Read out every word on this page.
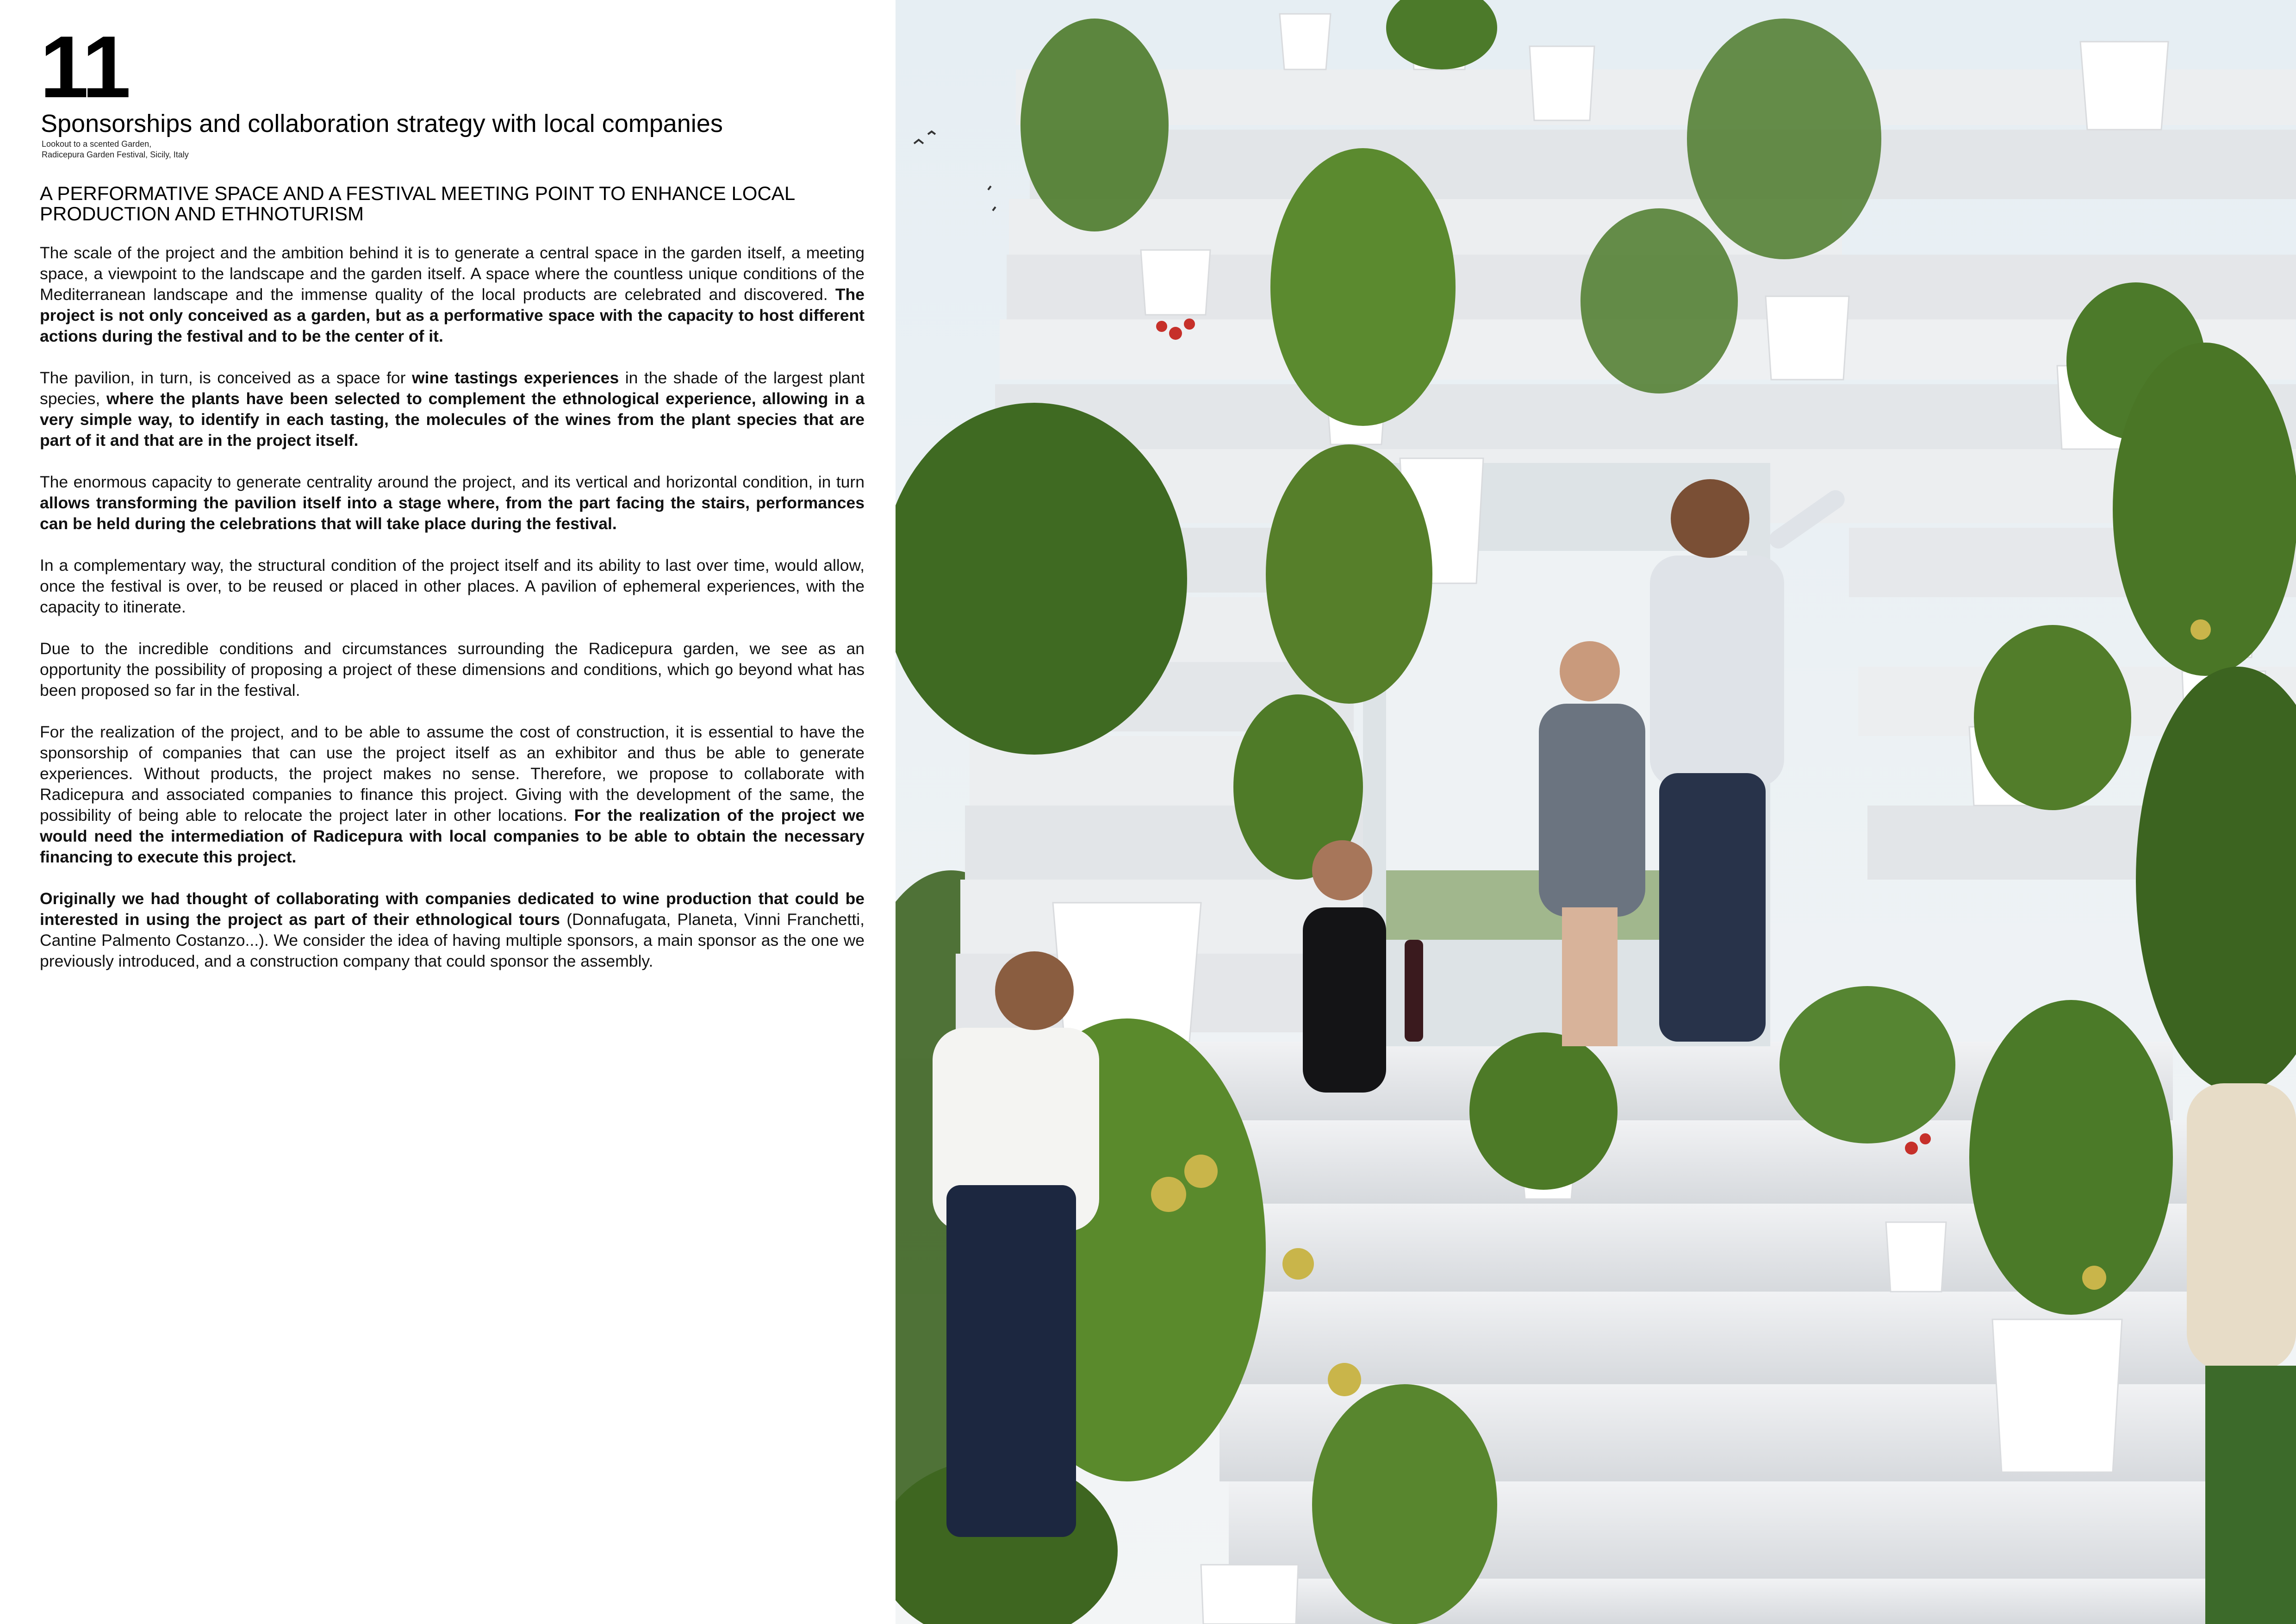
11
Sponsorships and collaboration strategy with local companies
Lookout to a scented Garden,
Radicepura Garden Festival, Sicily, Italy
A PERFORMATIVE SPACE AND A FESTIVAL MEETING POINT TO ENHANCE LOCAL PRODUCTION AND ETHNOTURISM

The scale of the project and the ambition behind it is to generate a central space in the garden itself, a meeting space, a viewpoint to the landscape and the garden itself. A space where the countless unique conditions of the Mediterranean landscape and the immense quality of the local products are celebrated and discovered. The project is not only conceived as a garden, but as a performative space with the capacity to host different actions during the festival and to be the center of it.

The pavilion, in turn, is conceived as a space for wine tastings experiences in the shade of the largest plant species, where the plants have been selected to complement the ethnological experience, allowing in a very simple way, to identify in each tasting, the molecules of the wines from the plant species that are part of it and that are in the project itself.

The enormous capacity to generate centrality around the project, and its vertical and horizontal condition, in turn allows transforming the pavilion itself into a stage where, from the part facing the stairs, performances can be held during the celebrations that will take place during the festival.

In a complementary way, the structural condition of the project itself and its ability to last over time, would allow, once the festival is over, to be reused or placed in other places. A pavilion of ephemeral experiences, with the capacity to itinerate.

Due to the incredible conditions and circumstances surrounding the Radicepura garden, we see as an opportunity the possibility of proposing a project of these dimensions and conditions, which go beyond what has been proposed so far in the festival.

For the realization of the project, and to be able to assume the cost of construction, it is essential to have the sponsorship of companies that can use the project itself as an exhibitor and thus be able to generate experiences. Without products, the project makes no sense. Therefore, we propose to collaborate with Radicepura and associated companies to finance this project. Giving with the development of the same, the possibility of being able to relocate the project later in other locations. For the realization of the project we would need the intermediation of Radicepura with local companies to be able to obtain the necessary financing to execute this project.

Originally we had thought of collaborating with companies dedicated to wine production that could be interested in using the project as part of their ethnological tours (Donnafugata, Planeta, Vinni Franchetti, Cantine Palmento Costanzo...). We consider the idea of having multiple sponsors, a main sponsor as the one we previously introduced, and a construction company that could sponsor the assembly.
